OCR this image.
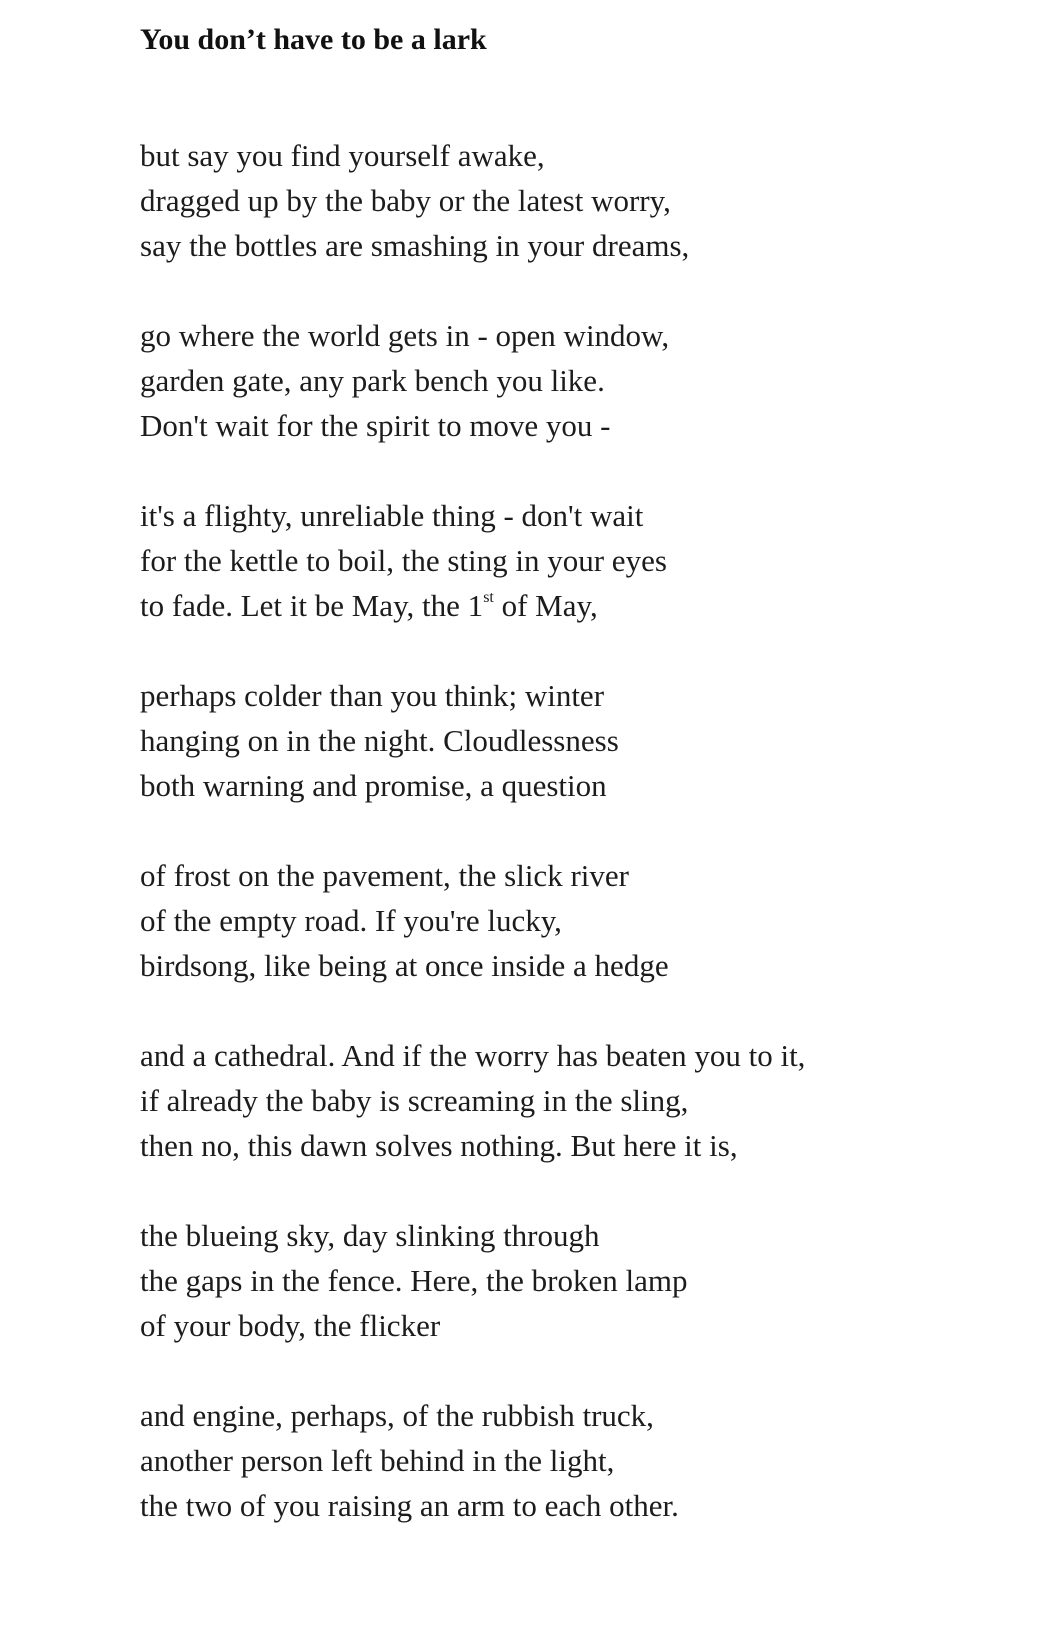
You don’t have to be a lark
but say you find yourself awake,
dragged up by the baby or the latest worry,
say the bottles are smashing in your dreams,
go where the world gets in - open window,
garden gate, any park bench you like.
Don't wait for the spirit to move you -
it's a flighty, unreliable thing - don't wait
for the kettle to boil, the sting in your eyes
to fade. Let it be May, the 1st of May,
perhaps colder than you think; winter
hanging on in the night. Cloudlessness
both warning and promise, a question
of frost on the pavement, the slick river
of the empty road. If you're lucky,
birdsong, like being at once inside a hedge
and a cathedral. And if the worry has beaten you to it,
if already the baby is screaming in the sling,
then no, this dawn solves nothing. But here it is,
the blueing sky, day slinking through
the gaps in the fence. Here, the broken lamp
of your body, the flicker
and engine, perhaps, of the rubbish truck,
another person left behind in the light,
the two of you raising an arm to each other.
